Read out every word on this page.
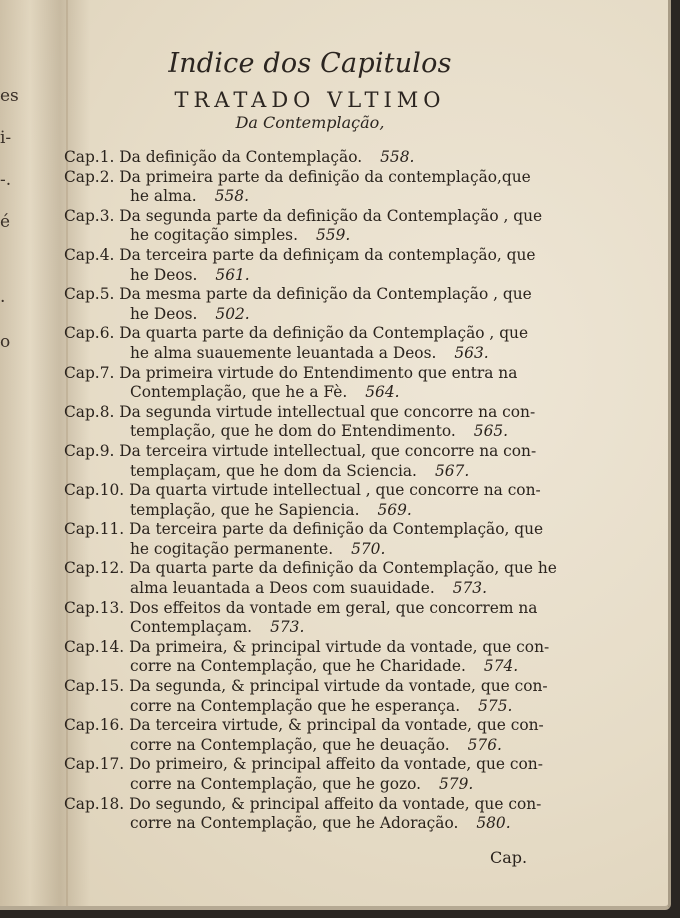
es
i-
-.
é
·
o
Indice dos Capitulos
TRATADO VLTIMO
Da Contemplação,
Cap.1. Da definição da Contemplação. 558.
Cap.2. Da primeira parte da definição da contemplação,que
he alma. 558.
Cap.3. Da segunda parte da definição da Contemplação , que
he cogitação simples. 559.
Cap.4. Da terceira parte da definiçam da contemplação, que
he Deos. 561.
Cap.5. Da mesma parte da definição da Contemplação , que
he Deos. 502.
Cap.6. Da quarta parte da definição da Contemplação , que
he alma suauemente leuantada a Deos. 563.
Cap.7. Da primeira virtude do Entendimento que entra na
Contemplação, que he a Fè. 564.
Cap.8. Da segunda virtude intellectual que concorre na con-
templação, que he dom do Entendimento. 565.
Cap.9. Da terceira virtude intellectual, que concorre na con-
templaçam, que he dom da Sciencia. 567.
Cap.10. Da quarta virtude intellectual , que concorre na con-
templação, que he Sapiencia. 569.
Cap.11. Da terceira parte da definição da Contemplação, que
he cogitação permanente. 570.
Cap.12. Da quarta parte da definição da Contemplação, que he
alma leuantada a Deos com suauidade. 573.
Cap.13. Dos effeitos da vontade em geral, que concorrem na
Contemplaçam. 573.
Cap.14. Da primeira, & principal virtude da vontade, que con-
corre na Contemplação, que he Charidade. 574.
Cap.15. Da segunda, & principal virtude da vontade, que con-
corre na Contemplação que he esperança. 575.
Cap.16. Da terceira virtude, & principal da vontade, que con-
corre na Contemplação, que he deuação. 576.
Cap.17. Do primeiro, & principal affeito da vontade, que con-
corre na Contemplação, que he gozo. 579.
Cap.18. Do segundo, & principal affeito da vontade, que con-
corre na Contemplação, que he Adoração. 580.
Cap.
